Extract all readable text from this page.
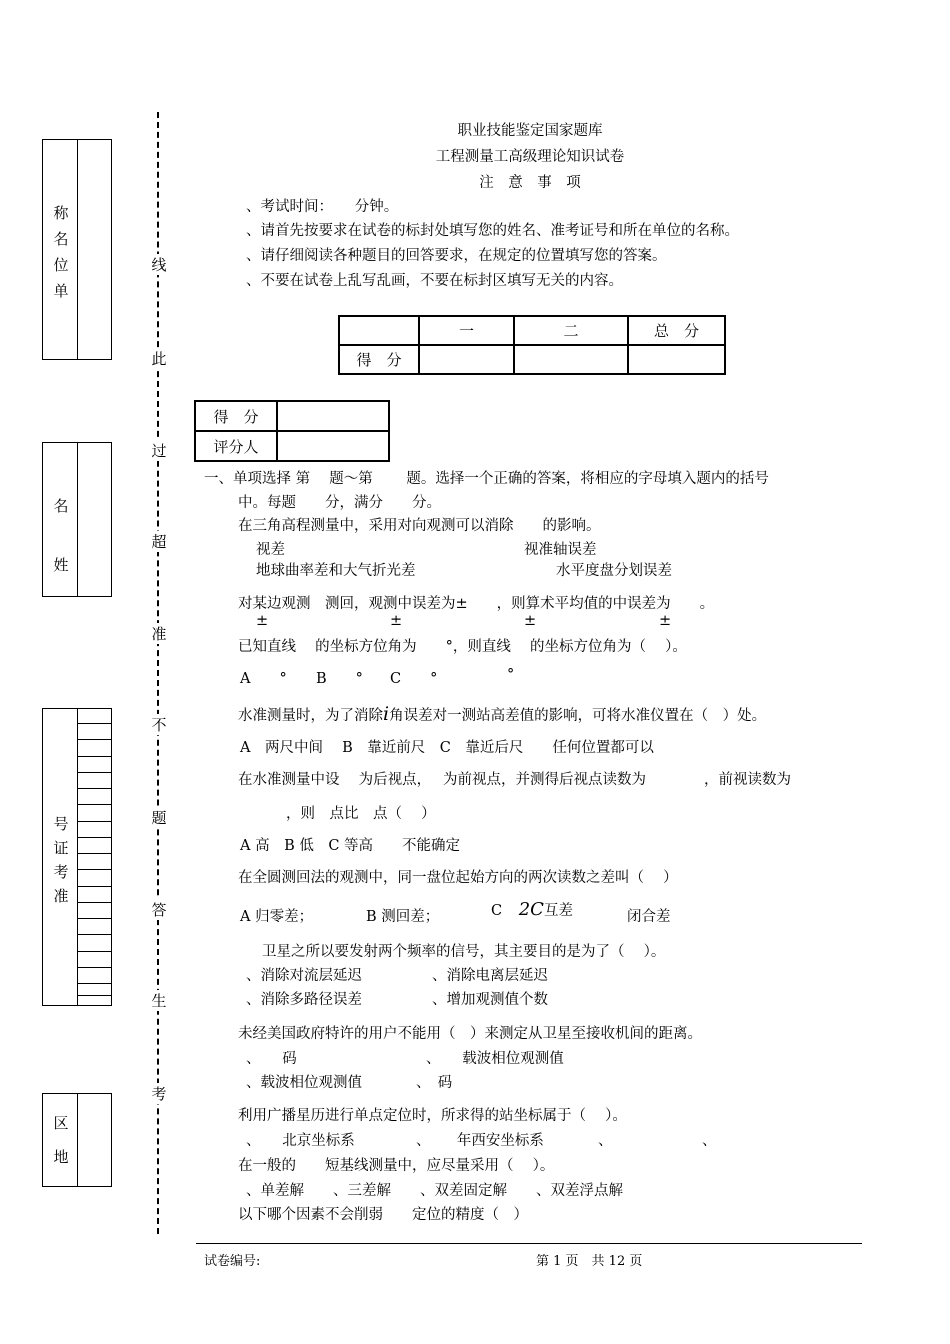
称
名
位
单
名
姓
号
证
考
准
区
地
线
此
过
超
准
不
题
答
生
考
职业技能鉴定国家题库
工程测量工高级理论知识试卷
注　意　事　项
、考试时间：　　分钟。
、请首先按要求在试卷的标封处填写您的姓名、准考证号和所在单位的名称。
、请仔细阅读各种题目的回答要求，在规定的位置填写您的答案。
、不要在试卷上乱写乱画，不要在标封区填写无关的内容。
	一	二	总　分
得　分			
得　分	
评分人	
一、单项选择 第　 题～第　　 题。选择一个正确的答案，将相应的字母填入题内的括号
中。每题　　分，满分　　分。
在三角高程测量中，采用对向观测可以消除　　的影响。
视差	视准轴误差
地球曲率差和大气折光差	水平度盘分划误差
对某边观测　测回，观测中误差为±　　，则算术平均值的中误差为　　。
±	±	±	±
已知直线　 的坐标方位角为　　°，则直线　 的坐标方位角为（　 ）。
A　　° B　　° C　　°	°
水准测量时，为了消除i角误差对一测站高差值的影响，可将水准仪置在（　）处。
A　两尺中间　 B　靠近前尺　C　靠近后尺　　任何位置都可以
在水准测量中设　 为后视点，　 为前视点，并测得后视点读数为　　　　，前视读数为
，则　点比　点（　 ）
A 高　B 低　C 等高　　不能确定
在全圆测回法的观测中，同一盘位起始方向的两次读数之差叫（　 ）
A 归零差；	B 测回差；	C 2C互差	闭合差
卫星之所以要发射两个频率的信号，其主要目的是为了（　 ）。
、消除对流层延迟	、消除电离层延迟
、消除多路径误差	、增加观测值个数
未经美国政府特许的用户不能用（　）来测定从卫星至接收机间的距离。
、　　码	、　　载波相位观测值
、载波相位观测值	、　码
利用广播星历进行单点定位时，所求得的站坐标属于（　 ）。
、　　北京坐标系	、　　 年西安坐标系	、	、
在一般的　　短基线测量中，应尽量采用（　 ）。
、单差解　　、三差解　　、双差固定解　　、双差浮点解
以下哪个因素不会削弱　　定位的精度（　）
试卷编号:	第 1 页　共 12 页
